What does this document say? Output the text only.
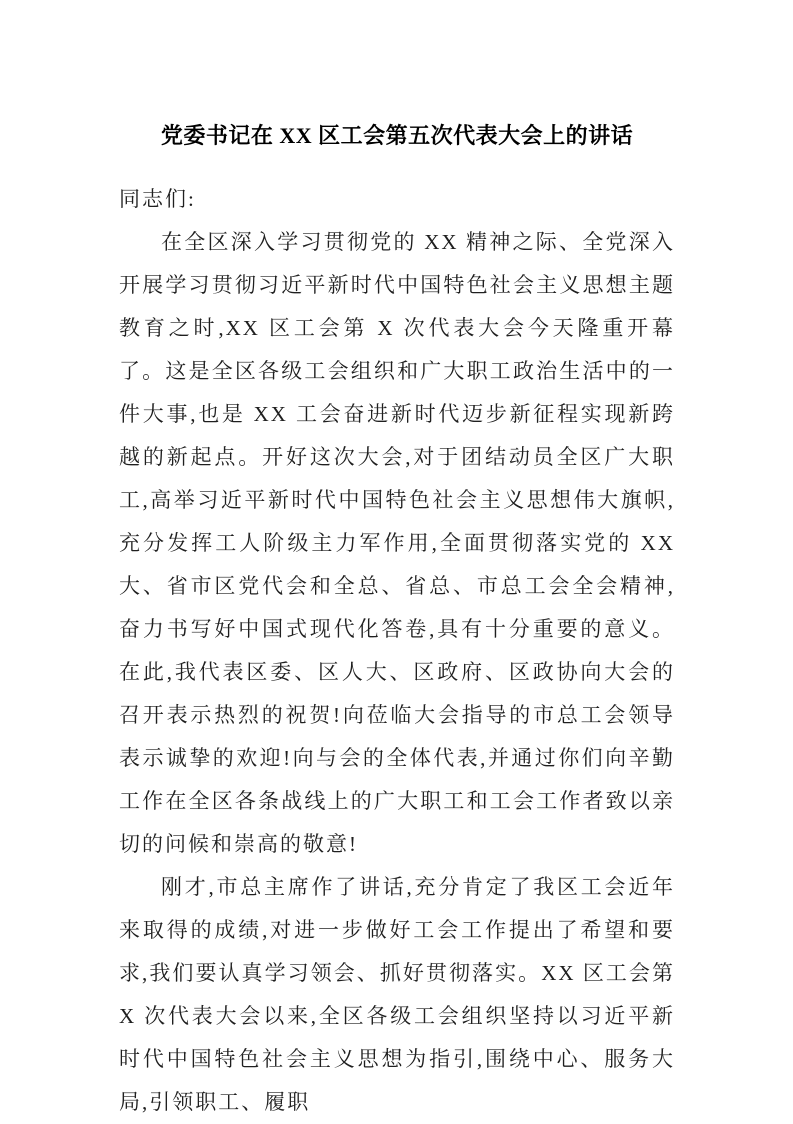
党委书记在 XX 区工会第五次代表大会上的讲话

同志们:

在全区深入学习贯彻党的 XX 精神之际、全党深入开展学习贯彻习近平新时代中国特色社会主义思想主题教育之时,XX 区工会第 X 次代表大会今天隆重开幕了。这是全区各级工会组织和广大职工政治生活中的一件大事,也是 XX 工会奋进新时代迈步新征程实现新跨越的新起点。开好这次大会,对于团结动员全区广大职工,高举习近平新时代中国特色社会主义思想伟大旗帜,充分发挥工人阶级主力军作用,全面贯彻落实党的 XX 大、省市区党代会和全总、省总、市总工会全会精神,奋力书写好中国式现代化答卷,具有十分重要的意义。在此,我代表区委、区人大、区政府、区政协向大会的召开表示热烈的祝贺!向莅临大会指导的市总工会领导表示诚挚的欢迎!向与会的全体代表,并通过你们向辛勤工作在全区各条战线上的广大职工和工会工作者致以亲切的问候和崇高的敬意!

刚才,市总主席作了讲话,充分肯定了我区工会近年来取得的成绩,对进一步做好工会工作提出了希望和要求,我们要认真学习领会、抓好贯彻落实。XX 区工会第 X 次代表大会以来,全区各级工会组织坚持以习近平新时代中国特色社会主义思想为指引,围绕中心、服务大局,引领职工、履职
